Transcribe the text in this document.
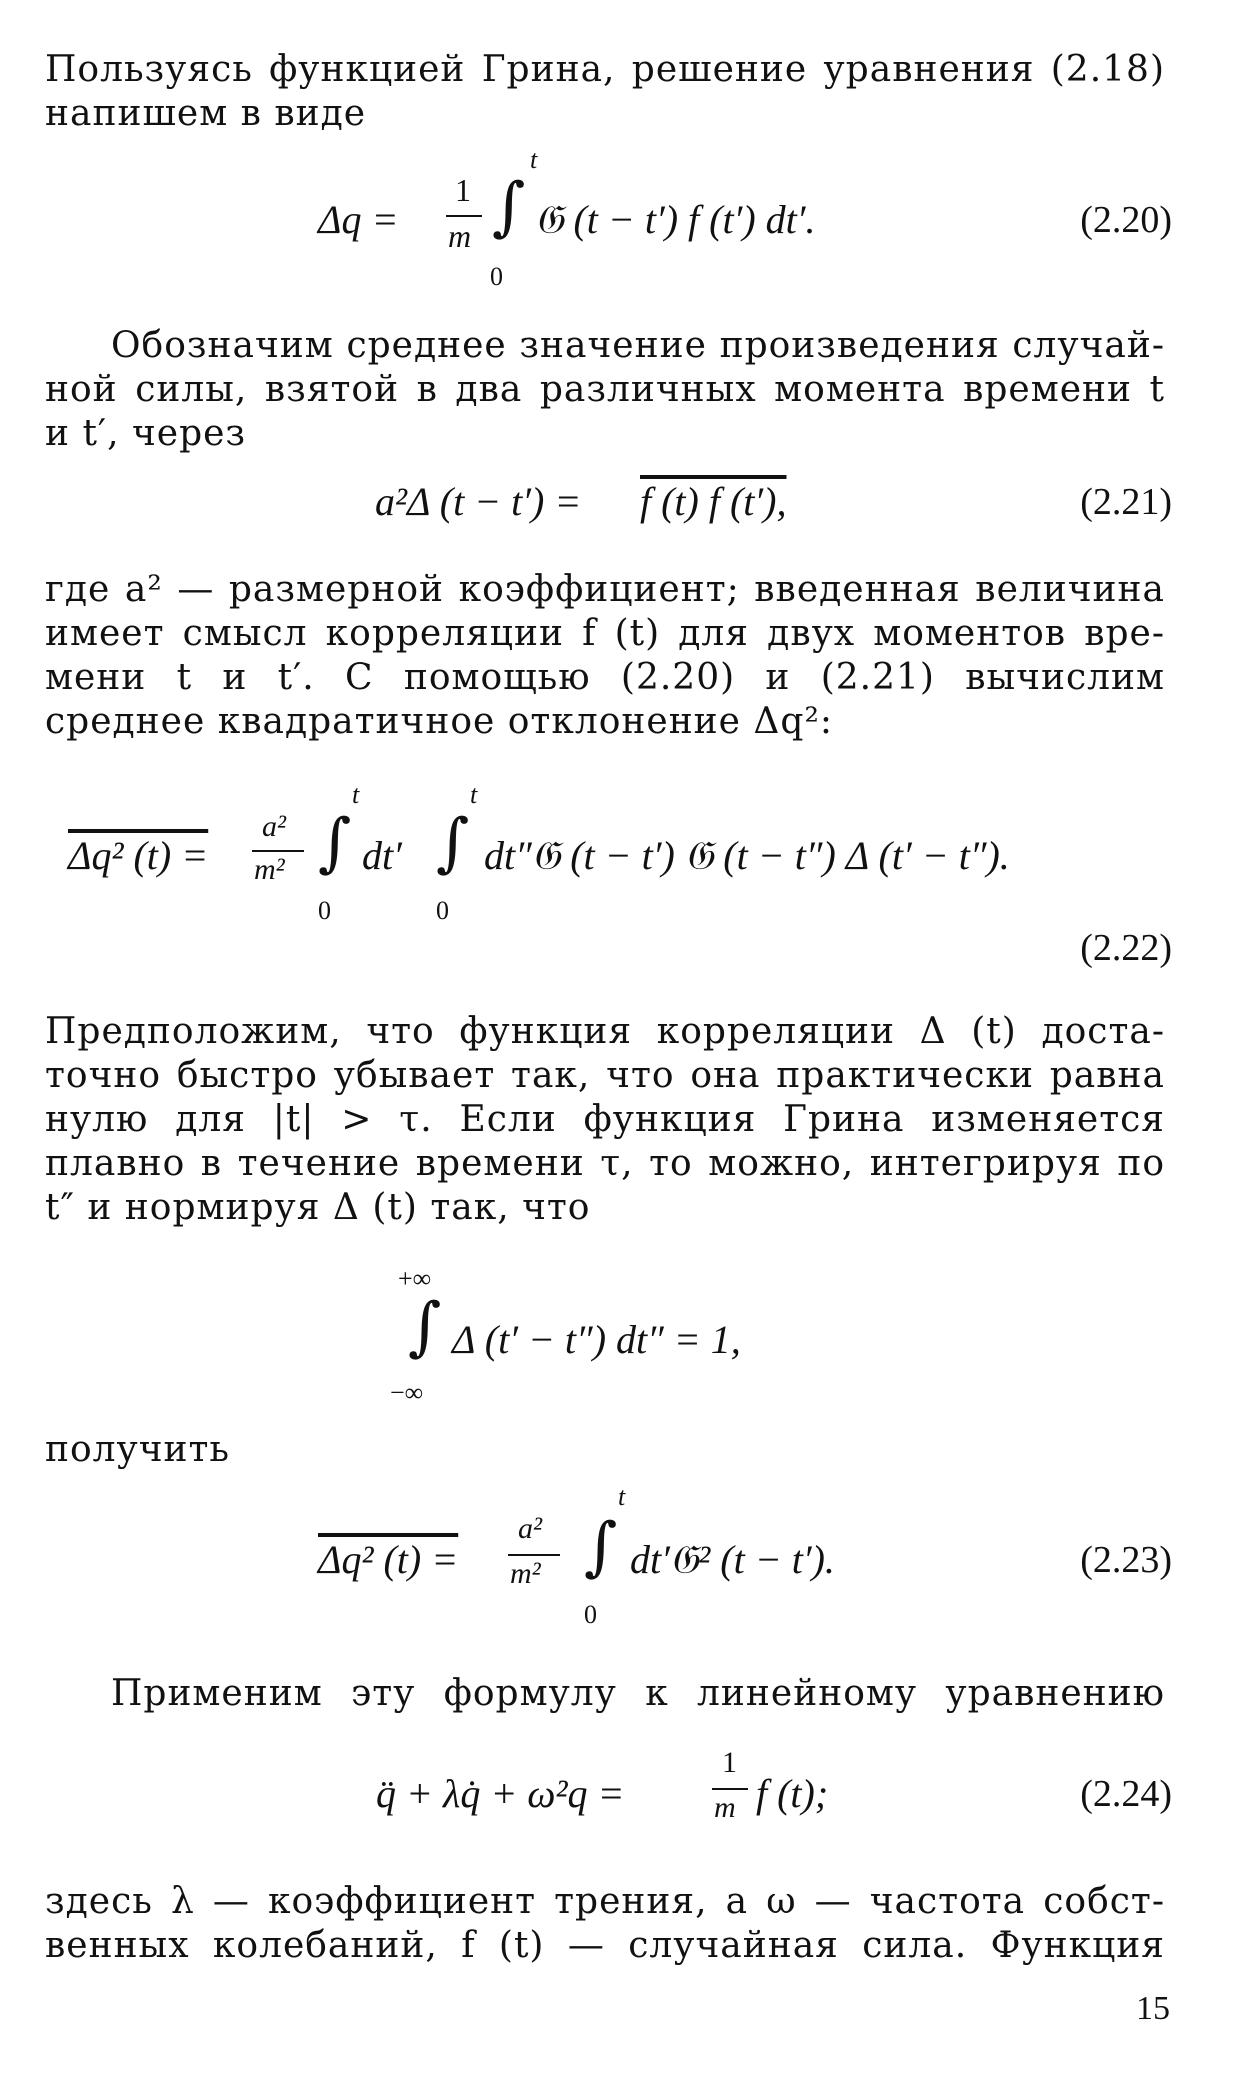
Пользуясь функцией Грина, решение уравнения (2.18)
напишем в виде
Δq =
1
m ∫
t
0
𝔊 (t − t′) f (t′) dt′.	(2.20)
Обозначим среднее значение произведения случай-
ной силы, взятой в два различных момента времени t
и t′, через
a²Δ (t − t′) = f (t) f (t′),	(2.21)
где a² — размерной коэффициент; введенная величина
имеет смысл корреляции f (t) для двух моментов вре-
мени t и t′. С помощью (2.20) и (2.21) вычислим
среднее квадратичное отклонение Δq²:
Δq² (t) =
a²
m² ∫
t
0
dt′ ∫
t
0
dt″𝔊 (t − t′) 𝔊 (t − t″) Δ (t′ − t″).
(2.22)
Предположим, что функция корреляции Δ (t) доста-
точно быстро убывает так, что она практически равна
нулю для |t| > τ. Если функция Грина изменяется
плавно в течение времени τ, то можно, интегрируя по
t″ и нормируя Δ (t) так, что
+∞
∫
−∞
Δ (t′ − t″) dt″ = 1,
получить
Δq² (t) =
a²
m² ∫
t
0
dt′𝔊² (t − t′).	(2.23)
Применим эту формулу к линейному уравнению
q̈ + λq̇ + ω²q =
1
m f (t);	(2.24)
здесь λ — коэффициент трения, а ω — частота собст-
венных колебаний, f (t) — случайная сила. Функция
15
